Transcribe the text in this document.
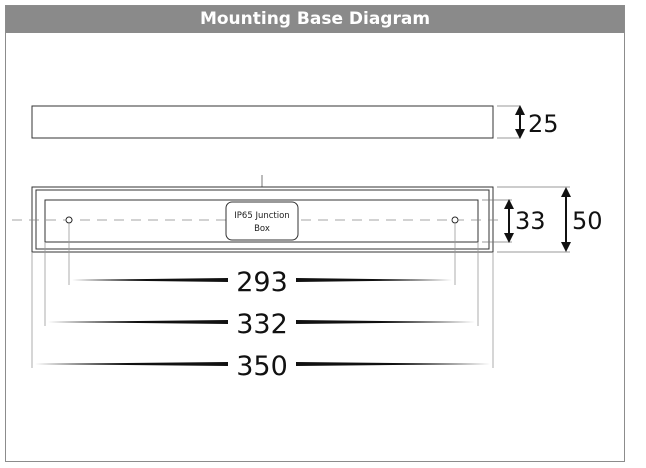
Mounting Base Diagram
25
IP65 Junction
Box	33 50
293
332
350
